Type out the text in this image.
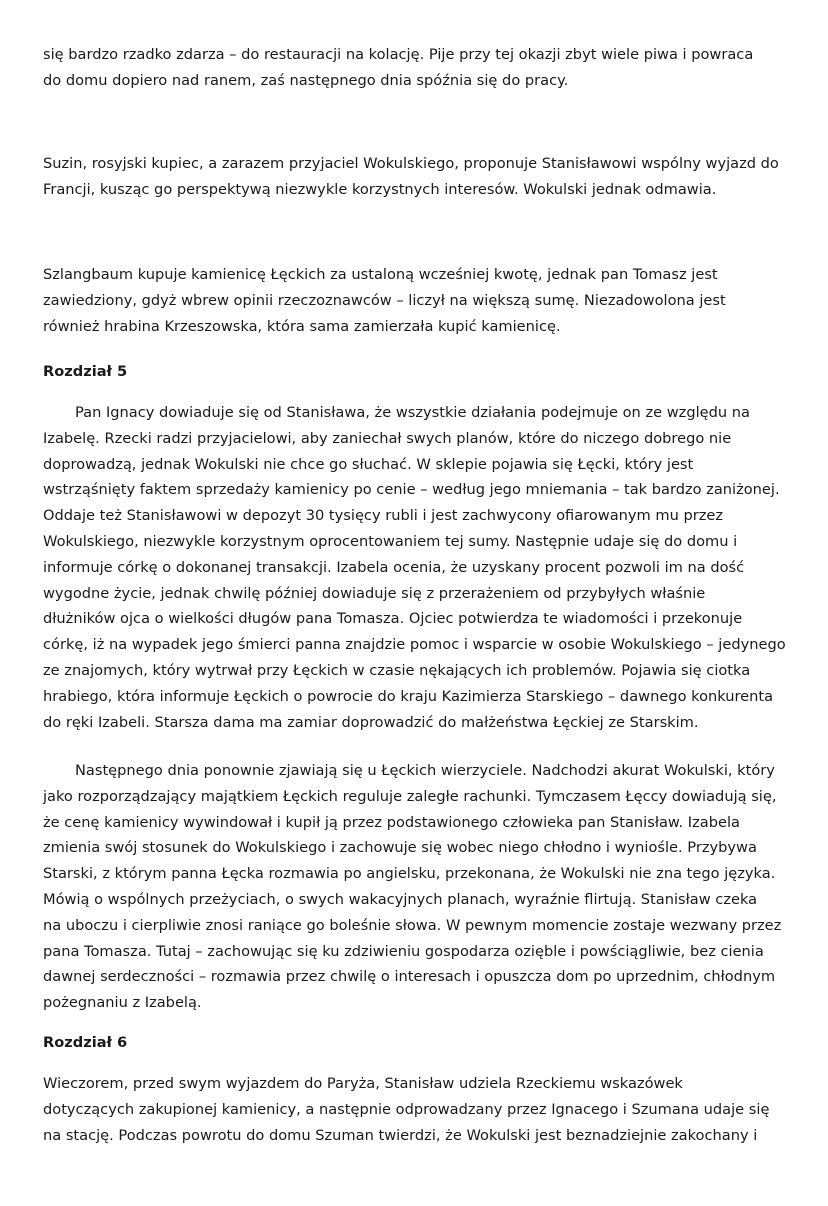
się bardzo rzadko zdarza – do restauracji na kolację. Pije przy tej okazji zbyt wiele piwa i powraca
do domu dopiero nad ranem, zaś następnego dnia spóźnia się do pracy.

Suzin, rosyjski kupiec, a zarazem przyjaciel Wokulskiego, proponuje Stanisławowi wspólny wyjazd do
Francji, kusząc go perspektywą niezwykle korzystnych interesów. Wokulski jednak odmawia.

Szlangbaum kupuje kamienicę Łęckich za ustaloną wcześniej kwotę, jednak pan Tomasz jest
zawiedziony, gdyż wbrew opinii rzeczoznawców – liczył na większą sumę. Niezadowolona jest
również hrabina Krzeszowska, która sama zamierzała kupić kamienicę.

Rozdział 5

Pan Ignacy dowiaduje się od Stanisława, że wszystkie działania podejmuje on ze względu na
Izabelę. Rzecki radzi przyjacielowi, aby zaniechał swych planów, które do niczego dobrego nie
doprowadzą, jednak Wokulski nie chce go słuchać. W sklepie pojawia się Łęcki, który jest
wstrząśnięty faktem sprzedaży kamienicy po cenie – według jego mniemania – tak bardzo zaniżonej.
Oddaje też Stanisławowi w depozyt 30 tysięcy rubli i jest zachwycony ofiarowanym mu przez
Wokulskiego, niezwykle korzystnym oprocentowaniem tej sumy. Następnie udaje się do domu i
informuje córkę o dokonanej transakcji. Izabela ocenia, że uzyskany procent pozwoli im na dość
wygodne życie, jednak chwilę później dowiaduje się z przerażeniem od przybyłych właśnie
dłużników ojca o wielkości długów pana Tomasza. Ojciec potwierdza te wiadomości i przekonuje
córkę, iż na wypadek jego śmierci panna znajdzie pomoc i wsparcie w osobie Wokulskiego – jedynego
ze znajomych, który wytrwał przy Łęckich w czasie nękających ich problemów. Pojawia się ciotka
hrabiego, która informuje Łęckich o powrocie do kraju Kazimierza Starskiego – dawnego konkurenta
do ręki Izabeli. Starsza dama ma zamiar doprowadzić do małżeństwa Łęckiej ze Starskim.

Następnego dnia ponownie zjawiają się u Łęckich wierzyciele. Nadchodzi akurat Wokulski, który
jako rozporządzający majątkiem Łęckich reguluje zaległe rachunki. Tymczasem Łęccy dowiadują się,
że cenę kamienicy wywindował i kupił ją przez podstawionego człowieka pan Stanisław. Izabela
zmienia swój stosunek do Wokulskiego i zachowuje się wobec niego chłodno i wyniośle. Przybywa
Starski, z którym panna Łęcka rozmawia po angielsku, przekonana, że Wokulski nie zna tego języka.
Mówią o wspólnych przeżyciach, o swych wakacyjnych planach, wyraźnie flirtują. Stanisław czeka
na uboczu i cierpliwie znosi raniące go boleśnie słowa. W pewnym momencie zostaje wezwany przez
pana Tomasza. Tutaj – zachowując się ku zdziwieniu gospodarza ozięble i powściągliwie, bez cienia
dawnej serdeczności – rozmawia przez chwilę o interesach i opuszcza dom po uprzednim, chłodnym
pożegnaniu z Izabelą.

Rozdział 6

Wieczorem, przed swym wyjazdem do Paryża, Stanisław udziela Rzeckiemu wskazówek
dotyczących zakupionej kamienicy, a następnie odprowadzany przez Ignacego i Szumana udaje się
na stację. Podczas powrotu do domu Szuman twierdzi, że Wokulski jest beznadziejnie zakochany i
